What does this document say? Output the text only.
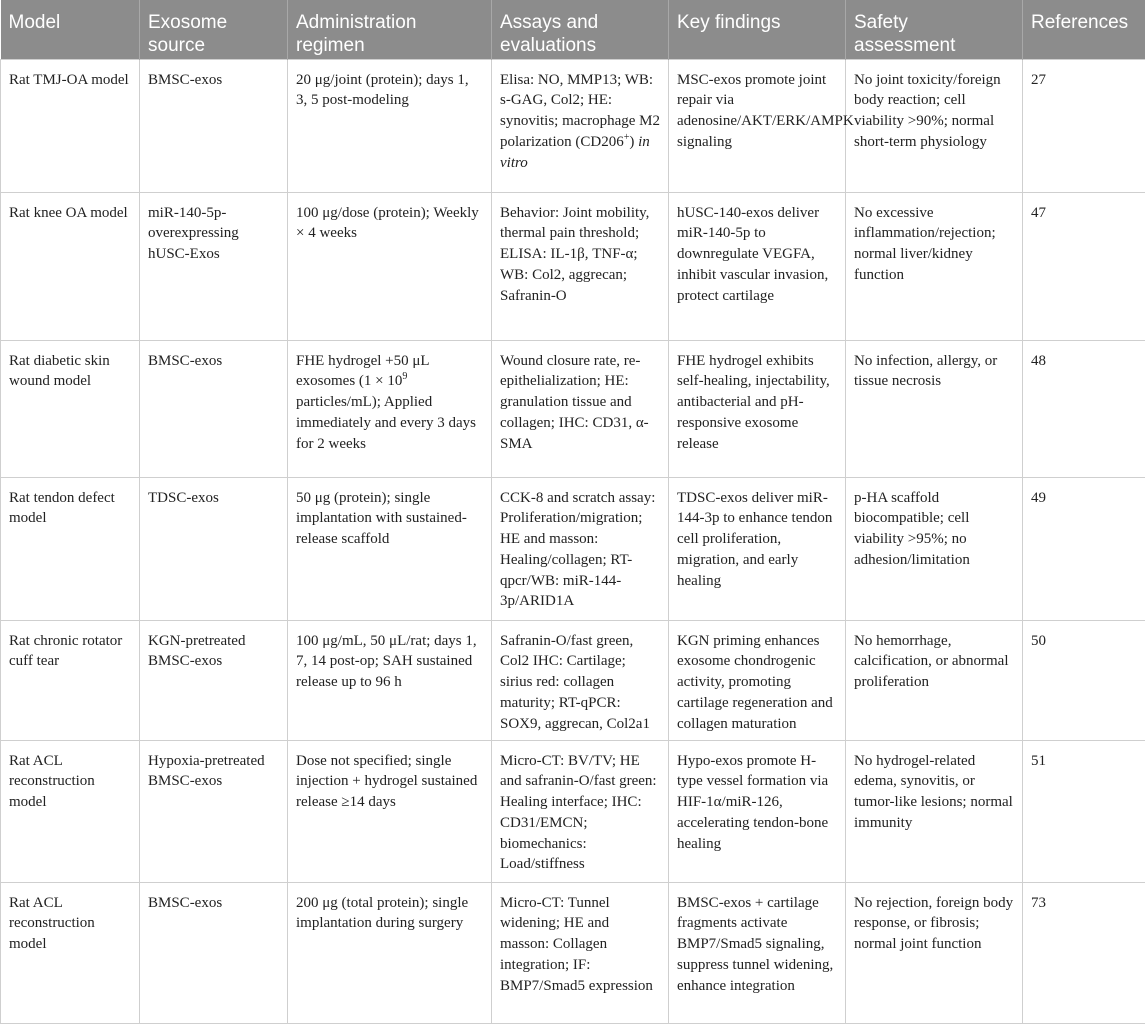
Model	Exosome source	Administration regimen	Assays and evaluations	Key findings	Safety assessment	References
Rat TMJ-OA model	BMSC-exos	20 μg/joint (protein); days 1, 3, 5 post-modeling	Elisa: NO, MMP13; WB: s-GAG, Col2; HE: synovitis; macrophage M2 polarization (CD206+) in vitro	MSC-exos promote joint repair via adenosine/AKT/ERK/AMPK signaling	No joint toxicity/foreign body reaction; cell viability >90%; normal short-term physiology	27
Rat knee OA model	miR-140-5p-overexpressing hUSC-Exos	100 μg/dose (protein); Weekly × 4 weeks	Behavior: Joint mobility, thermal pain threshold; ELISA: IL-1β, TNF-α; WB: Col2, aggrecan; Safranin-O	hUSC-140-exos deliver miR-140-5p to downregulate VEGFA, inhibit vascular invasion, protect cartilage	No excessive inflammation/rejection; normal liver/kidney function	47
Rat diabetic skin wound model	BMSC-exos	FHE hydrogel +50 μL exosomes ($1 \times 10^9$ particles/mL); Applied immediately and every 3 days for 2 weeks	Wound closure rate, re-epithelialization; HE: granulation tissue and collagen; IHC: CD31, α-SMA	FHE hydrogel exhibits self-healing, injectability, antibacterial and pH-responsive exosome release	No infection, allergy, or tissue necrosis	48
Rat tendon defect model	TDSC-exos	50 μg (protein); single implantation with sustained-release scaffold	CCK-8 and scratch assay: Proliferation/migration; HE and masson: Healing/collagen; RT-qpcr/WB: miR-144-3p/ARID1A	TDSC-exos deliver miR-144-3p to enhance tendon cell proliferation, migration, and early healing	p-HA scaffold biocompatible; cell viability >95%; no adhesion/limitation	49
Rat chronic rotator cuff tear	KGN-pretreated BMSC-exos	100 μg/mL, 50 μL/rat; days 1, 7, 14 post-op; SAH sustained release up to 96 h	Safranin-O/fast green, Col2 IHC: Cartilage; sirius red: collagen maturity; RT-qPCR: SOX9, aggrecan, Col2a1	KGN priming enhances exosome chondrogenic activity, promoting cartilage regeneration and collagen maturation	No hemorrhage, calcification, or abnormal proliferation	50
Rat ACL reconstruction model	Hypoxia-pretreated BMSC-exos	Dose not specified; single injection + hydrogel sustained release ≥14 days	Micro-CT: BV/TV; HE and safranin-O/fast green: Healing interface; IHC: CD31/EMCN; biomechanics: Load/stiffness	Hypo-exos promote H-type vessel formation via HIF-1α/miR-126, accelerating tendon-bone healing	No hydrogel-related edema, synovitis, or tumor-like lesions; normal immunity	51
Rat ACL reconstruction model	BMSC-exos	200 μg (total protein); single implantation during surgery	Micro-CT: Tunnel widening; HE and masson: Collagen integration; IF: BMP7/Smad5 expression	BMSC-exos + cartilage fragments activate BMP7/Smad5 signaling, suppress tunnel widening, enhance integration	No rejection, foreign body response, or fibrosis; normal joint function	73
